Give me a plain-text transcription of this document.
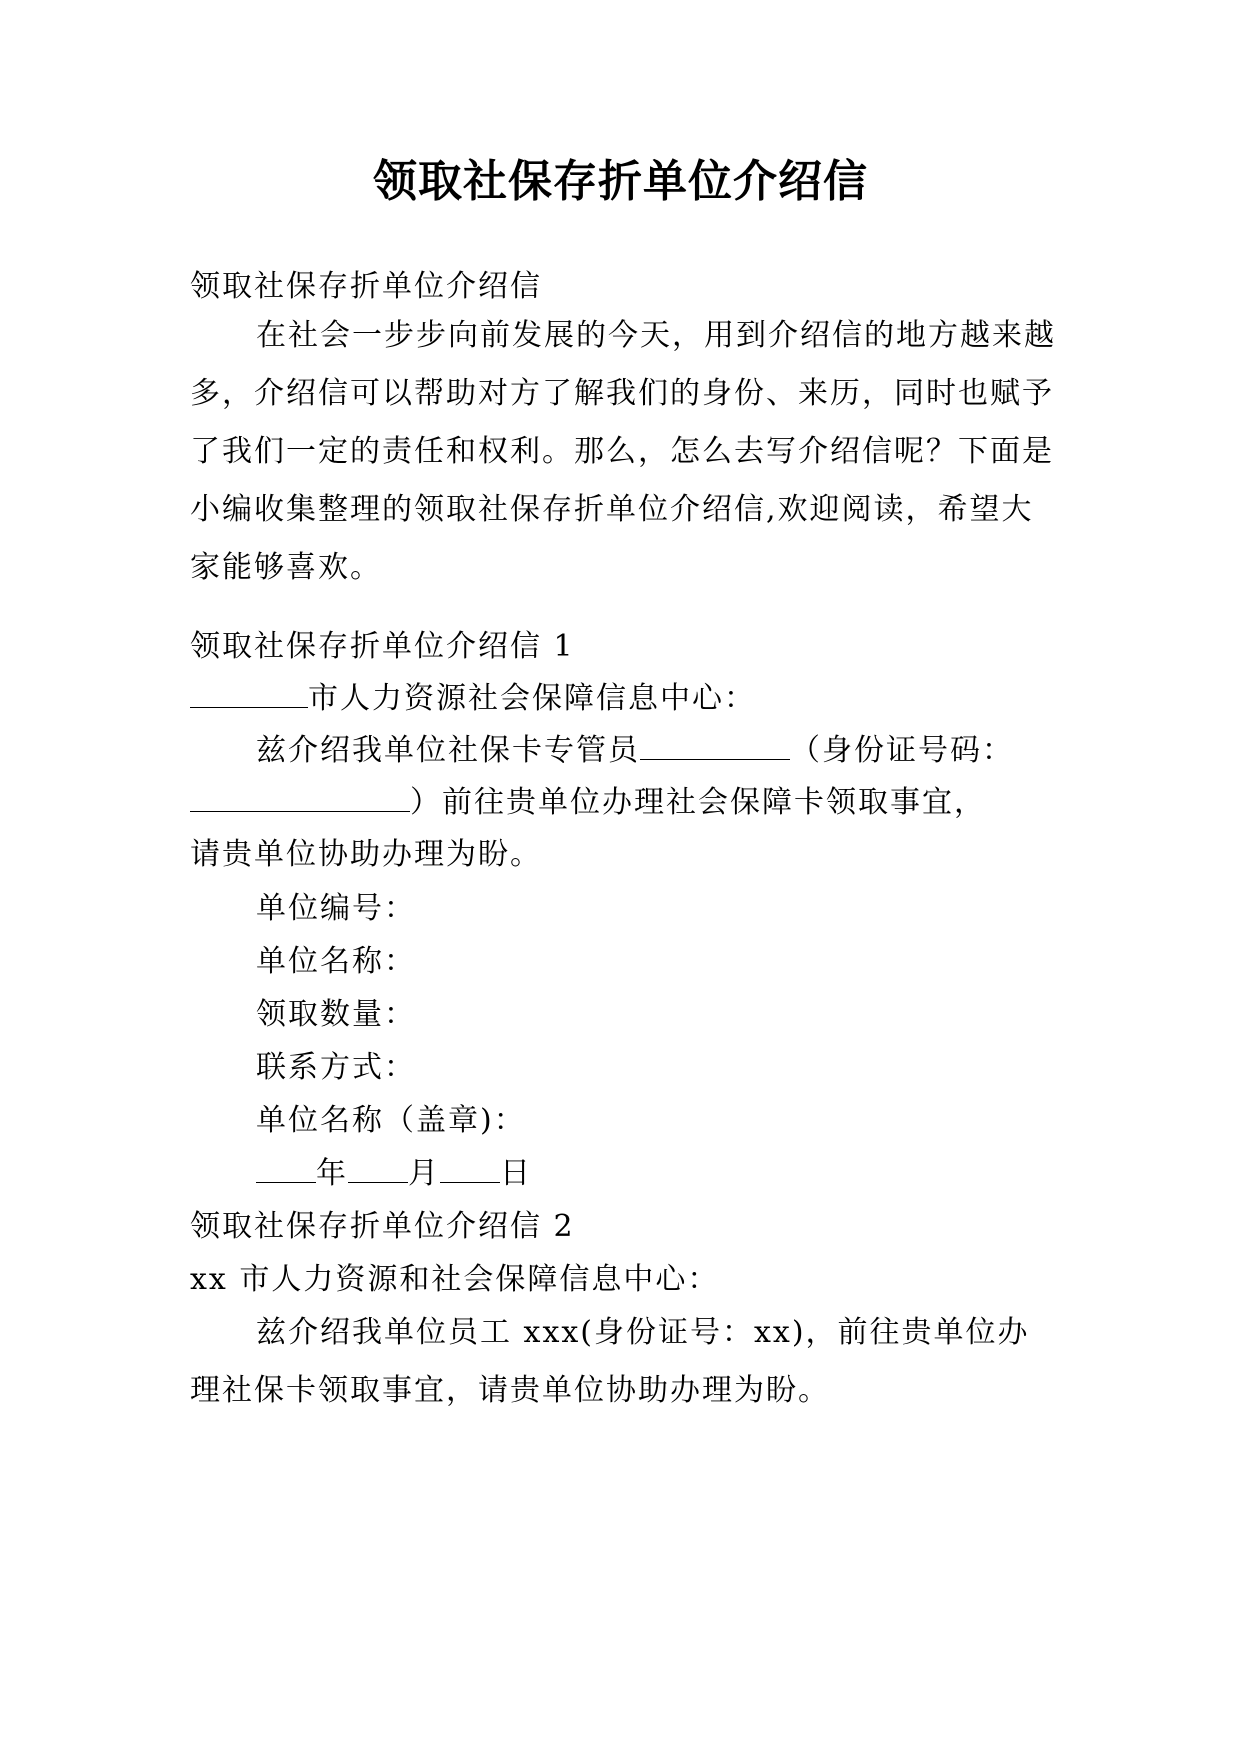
领取社保存折单位介绍信
领取社保存折单位介绍信
在社会一步步向前发展的今天，用到介绍信的地方越来越多，介绍信可以帮助对方了解我们的身份、来历，同时也赋予了我们一定的责任和权利。那么，怎么去写介绍信呢？下面是小编收集整理的领取社保存折单位介绍信,欢迎阅读，希望大家能够喜欢。
领取社保存折单位介绍信 1
市人力资源社会保障信息中心：
兹介绍我单位社保卡专管员	（身份证号码：
）前往贵单位办理社会保障卡领取事宜，
请贵单位协助办理为盼。
单位编号：
单位名称：
领取数量：
联系方式：
单位名称（盖章)：
年 月 日
领取社保存折单位介绍信 2
xx 市人力资源和社会保障信息中心：
兹介绍我单位员工 xxx(身份证号：xx)，前往贵单位办理社保卡领取事宜，请贵单位协助办理为盼。
